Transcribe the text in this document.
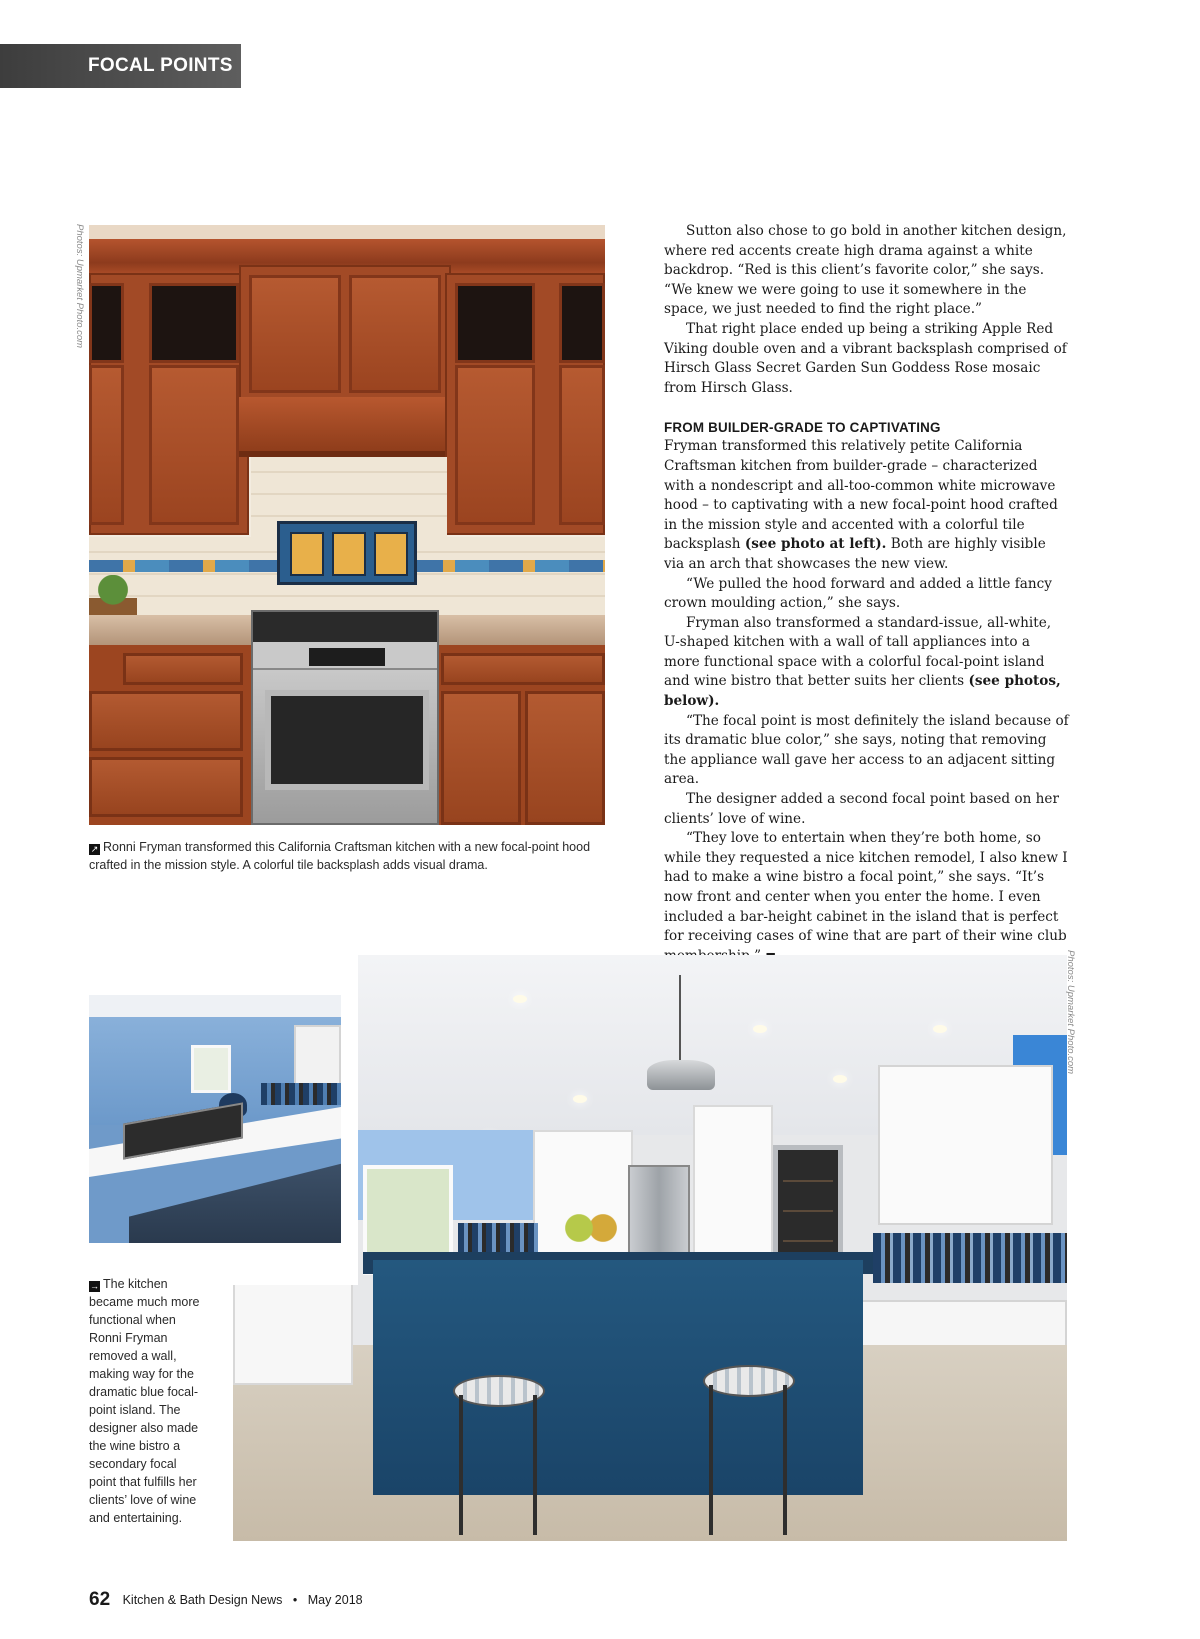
FOCAL POINTS
Photos: Upmarket Photo.com
↗ Ronni Fryman transformed this California Craftsman kitchen with a new focal-point hood crafted in the mission style. A colorful tile backsplash adds visual drama.

Sutton also chose to go bold in another kitchen design, where red accents create high drama against a white backdrop. “Red is this client’s favorite color,” she says. “We knew we were going to use it somewhere in the space, we just needed to find the right place.”

That right place ended up being a striking Apple Red Viking double oven and a vibrant backsplash comprised of Hirsch Glass Secret Garden Sun Goddess Rose mosaic from Hirsch Glass.

FROM BUILDER-GRADE TO CAPTIVATING

Fryman transformed this relatively petite California Craftsman kitchen from builder-grade – characterized with a nondescript and all-too-common white microwave hood – to captivating with a new focal-point hood crafted in the mission style and accented with a colorful tile backsplash (see photo at left). Both are highly visible via an arch that showcases the new view.

“We pulled the hood forward and added a little fancy crown moulding action,” she says.

Fryman also transformed a standard-issue, all-white, U-shaped kitchen with a wall of tall appliances into a more functional space with a colorful focal-point island and wine bistro that better suits her clients (see photos, below).

“The focal point is most definitely the island because of its dramatic blue color,” she says, noting that removing the appliance wall gave her access to an adjacent sitting area.

The designer added a second focal point based on her clients’ love of wine.

“They love to entertain when they’re both home, so while they requested a nice kitchen remodel, I also knew I had to make a wine bistro a focal point,” she says. “It’s now front and center when you enter the home. I even included a bar-height cabinet in the island that is perfect for receiving cases of wine that are part of their wine club

Photos: Upmarket Photo.com
→ The kitchen became much more functional when Ronni Fryman removed a wall, making way for the dramatic blue focal-point island. The designer also made the wine bistro a secondary focal point that fulfills her clients’ love of wine and entertaining.
62 Kitchen & Bath Design News • May 2018
